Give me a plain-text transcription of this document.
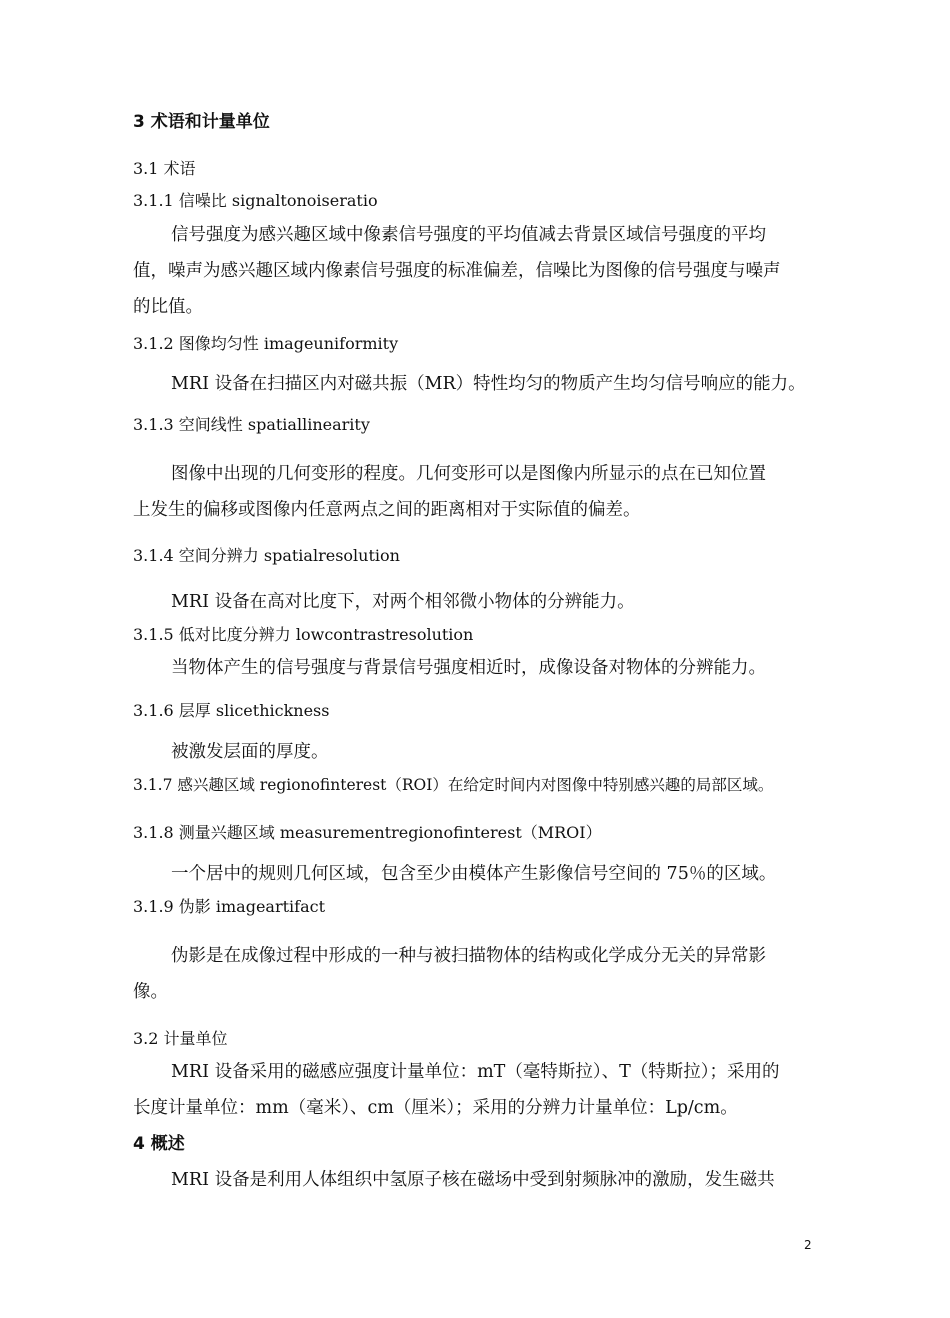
3 术语和计量单位
3.1 术语
3.1.1 信噪比 signaltonoiseratio
信号强度为感兴趣区域中像素信号强度的平均值减去背景区域信号强度的平均
值，噪声为感兴趣区域内像素信号强度的标准偏差，信噪比为图像的信号强度与噪声
的比值。
3.1.2 图像均匀性 imageuniformity
MRI 设备在扫描区内对磁共振（MR）特性均匀的物质产生均匀信号响应的能力。
3.1.3 空间线性 spatiallinearity
图像中出现的几何变形的程度。几何变形可以是图像内所显示的点在已知位置
上发生的偏移或图像内任意两点之间的距离相对于实际值的偏差。
3.1.4 空间分辨力 spatialresolution
MRI 设备在高对比度下，对两个相邻微小物体的分辨能力。
3.1.5 低对比度分辨力 lowcontrastresolution
当物体产生的信号强度与背景信号强度相近时，成像设备对物体的分辨能力。
3.1.6 层厚 slicethickness
被激发层面的厚度。
3.1.7 感兴趣区域 regionofinterest（ROI）在给定时间内对图像中特别感兴趣的局部区域。
3.1.8 测量兴趣区域 measurementregionofinterest（MROI）
一个居中的规则几何区域，包含至少由模体产生影像信号空间的 75％的区域。
3.1.9 伪影 imageartifact
伪影是在成像过程中形成的一种与被扫描物体的结构或化学成分无关的异常影
像。
3.2 计量单位
MRI 设备采用的磁感应强度计量单位：mT（毫特斯拉）、T（特斯拉）；采用的
长度计量单位：mm（毫米）、cm（厘米）；采用的分辨力计量单位：Lp/cm。
4 概述
MRI 设备是利用人体组织中氢原子核在磁场中受到射频脉冲的激励，发生磁共
2
